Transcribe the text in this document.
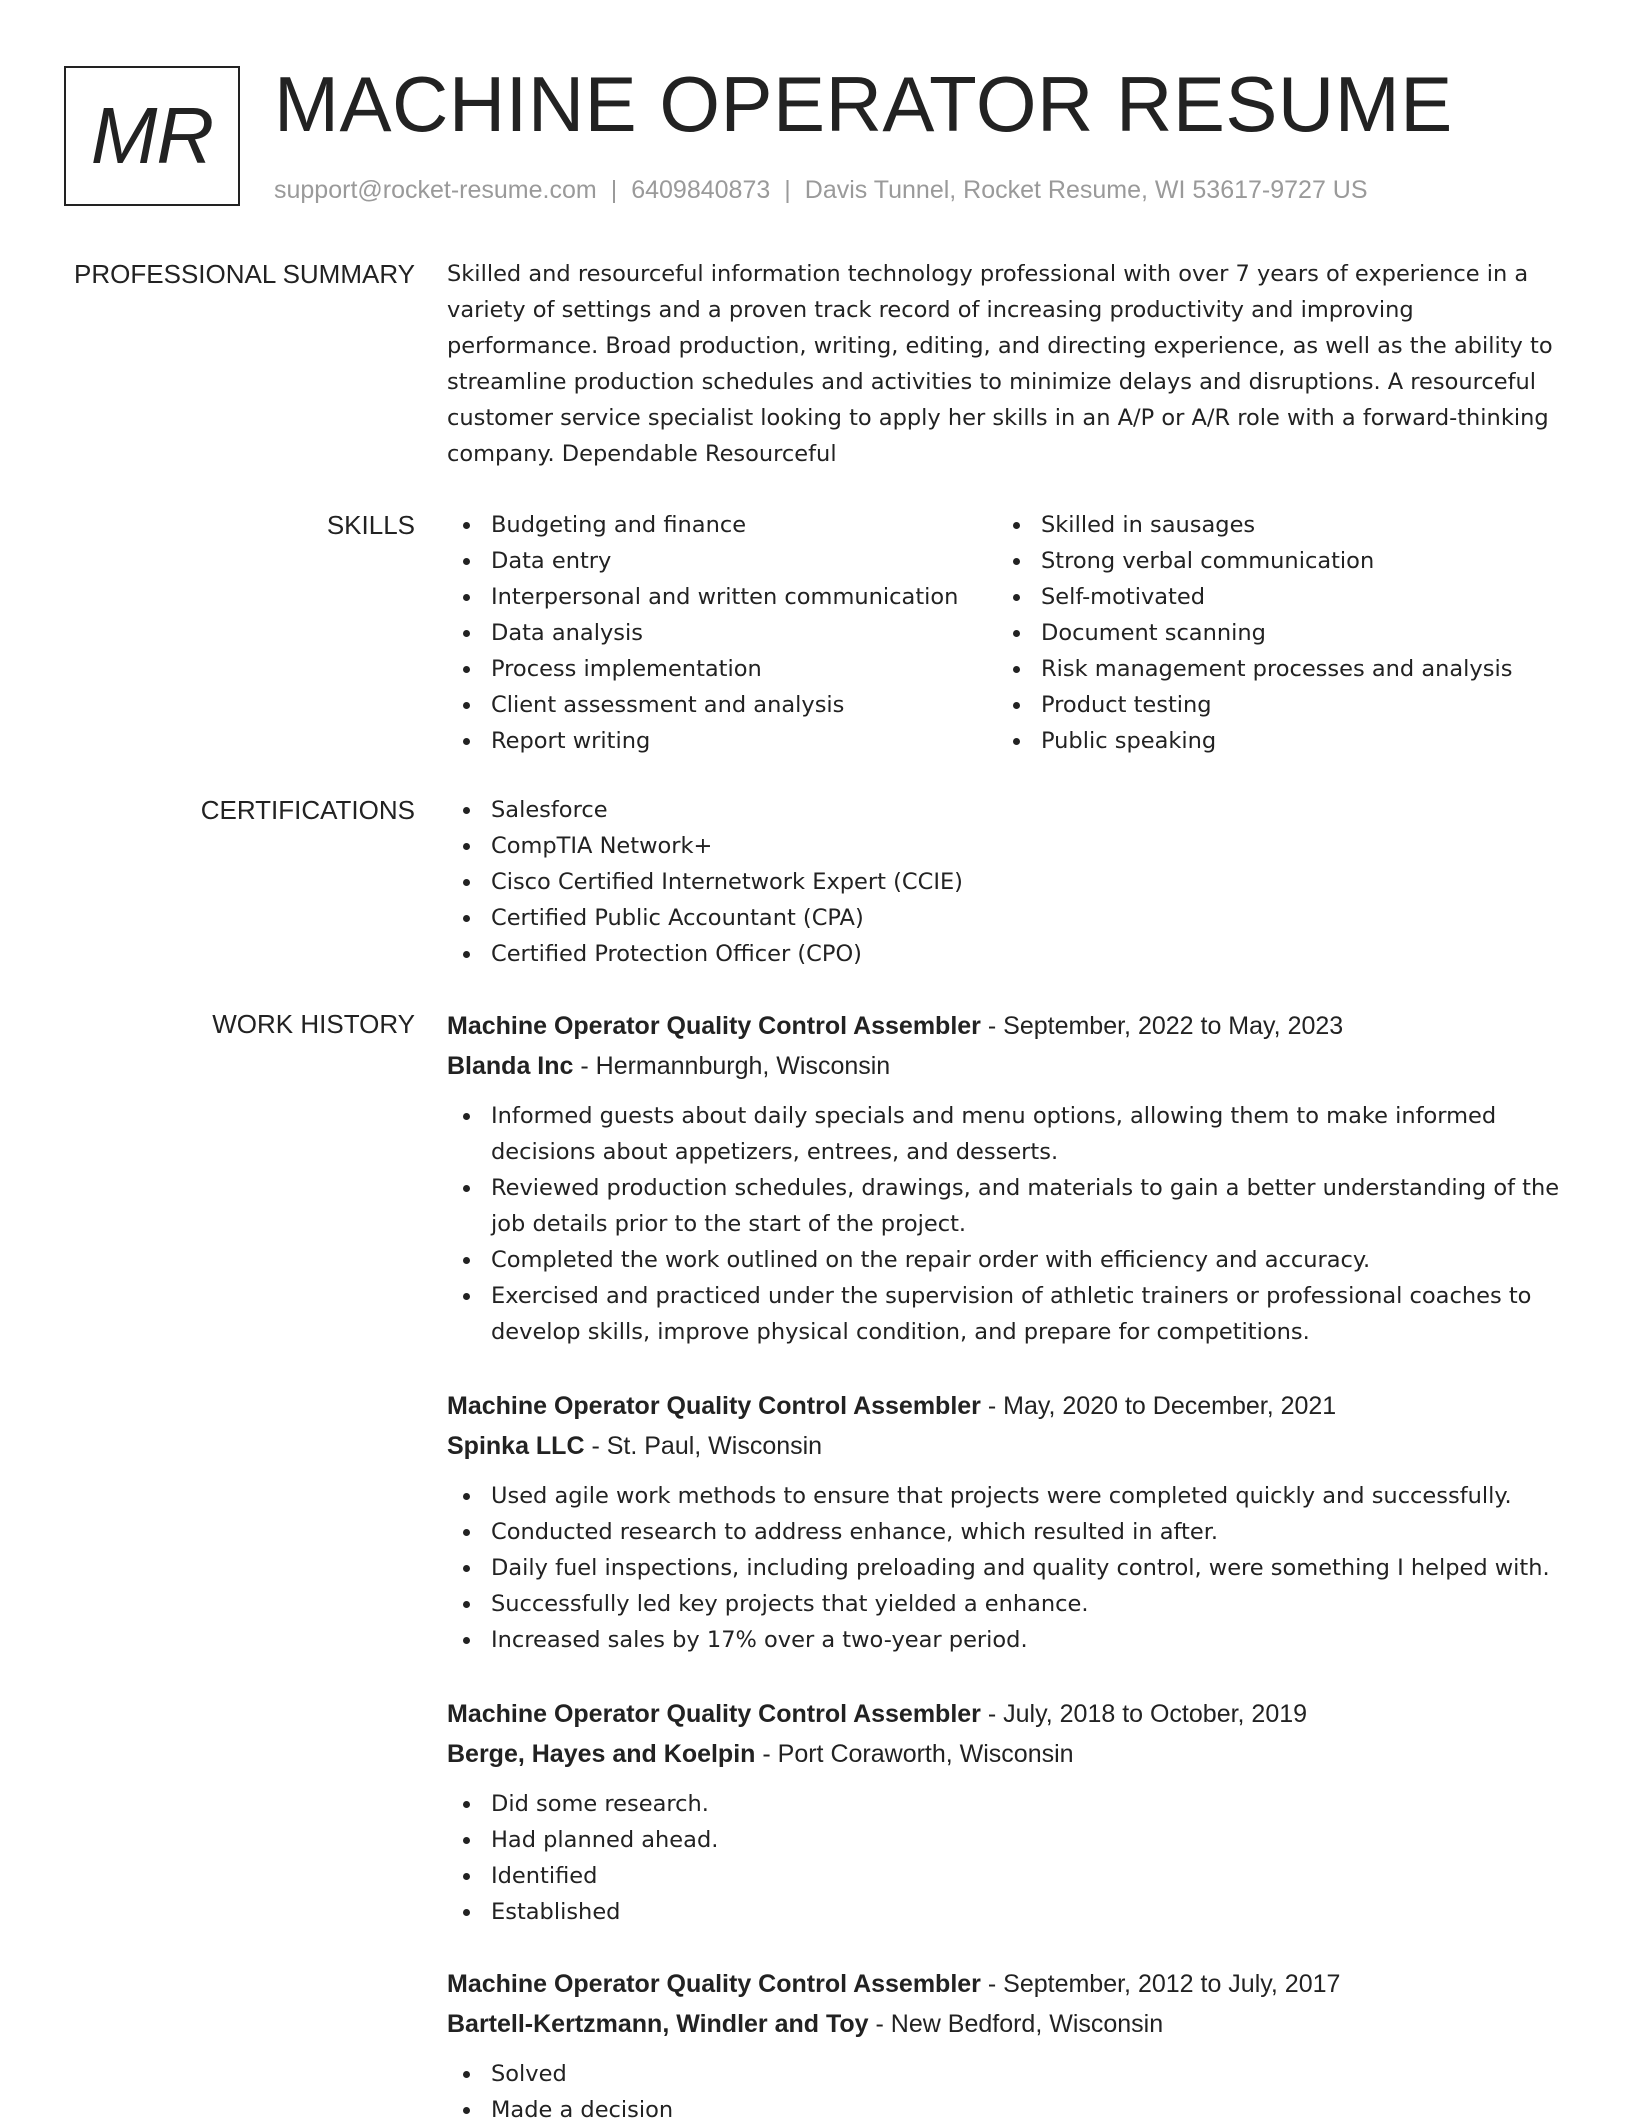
MR MACHINE OPERATOR RESUME
support@rocket-resume.com | 6409840873 | Davis Tunnel, Rocket Resume, WI 53617-9727 US
PROFESSIONAL SUMMARY Skilled and resourceful information technology professional with over 7 years of experience in a variety of settings and a proven track record of increasing productivity and improving performance. Broad production, writing, editing, and directing experience, as well as the ability to streamline production schedules and activities to minimize delays and disruptions. A resourceful customer service specialist looking to apply her skills in an A/P or A/R role with a forward-thinking company. Dependable Resourceful

SKILLS	Budgeting and finance
Data entry
Interpersonal and written communication
Data analysis
Process implementation
Client assessment and analysis
Report writing
Skilled in sausages
Strong verbal communication
Self-motivated
Document scanning
Risk management processes and analysis
Product testing
Public speaking
CERTIFICATIONS	Salesforce
CompTIA Network+
Cisco Certified Internetwork Expert (CCIE)
Certified Public Accountant (CPA)
Certified Protection Officer (CPO)
WORK HISTORY Machine Operator Quality Control Assembler - September, 2022 to May, 2023
Blanda Inc - Hermannburgh, Wisconsin
Informed guests about daily specials and menu options, allowing them to make informed decisions about appetizers, entrees, and desserts.
Reviewed production schedules, drawings, and materials to gain a better understanding of the job details prior to the start of the project.
Completed the work outlined on the repair order with efficiency and accuracy.
Exercised and practiced under the supervision of athletic trainers or professional coaches to develop skills, improve physical condition, and prepare for competitions.
Machine Operator Quality Control Assembler - May, 2020 to December, 2021
Spinka LLC - St. Paul, Wisconsin
Used agile work methods to ensure that projects were completed quickly and successfully.
Conducted research to address enhance, which resulted in after.
Daily fuel inspections, including preloading and quality control, were something I helped with.
Successfully led key projects that yielded a enhance.
Increased sales by 17% over a two-year period.
Machine Operator Quality Control Assembler - July, 2018 to October, 2019
Berge, Hayes and Koelpin - Port Coraworth, Wisconsin
Did some research.
Had planned ahead.
Identified
Established
Machine Operator Quality Control Assembler - September, 2012 to July, 2017
Bartell-Kertzmann, Windler and Toy - New Bedford, Wisconsin
Solved
Made a decision
